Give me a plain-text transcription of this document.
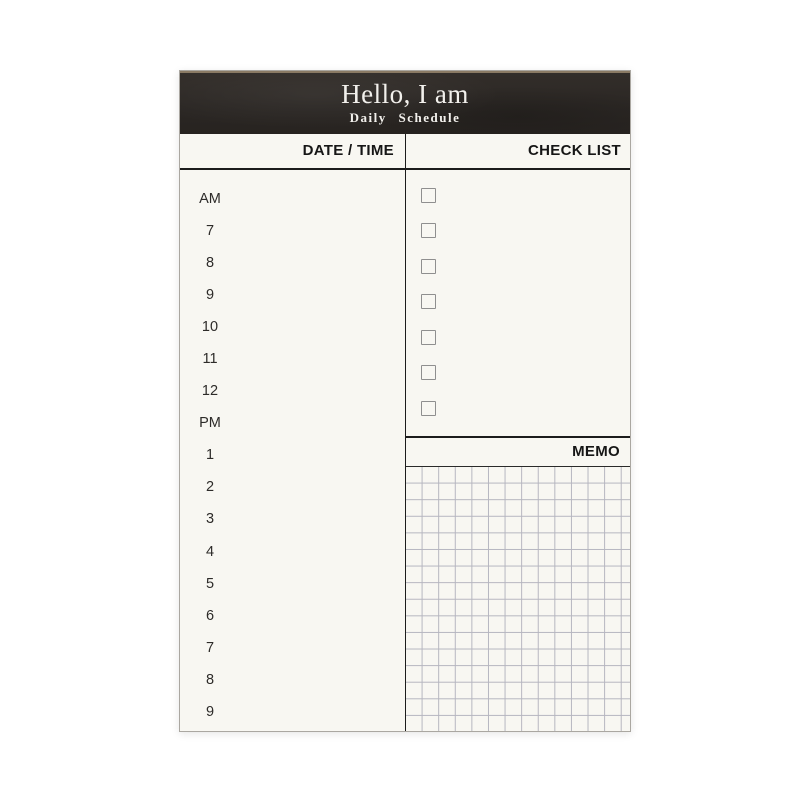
Hello, I am
Daily Schedule
DATE / TIME	CHECK LIST
AM
7
8
9
10
11
12
PM
1
2
3
4
5
6
7
8
9
MEMO
